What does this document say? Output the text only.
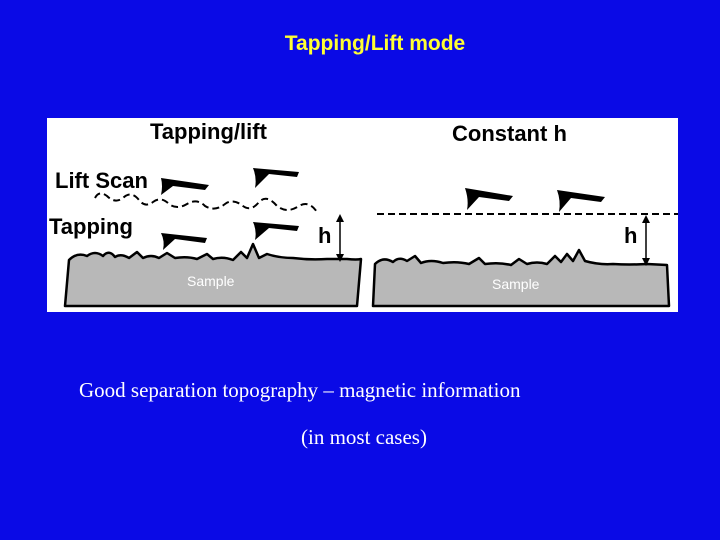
Tapping/Lift mode
Tapping/lift
Lift Scan
Tapping
Sample
h
Constant h
Sample
h
Good separation topography – magnetic information
(in most cases)
